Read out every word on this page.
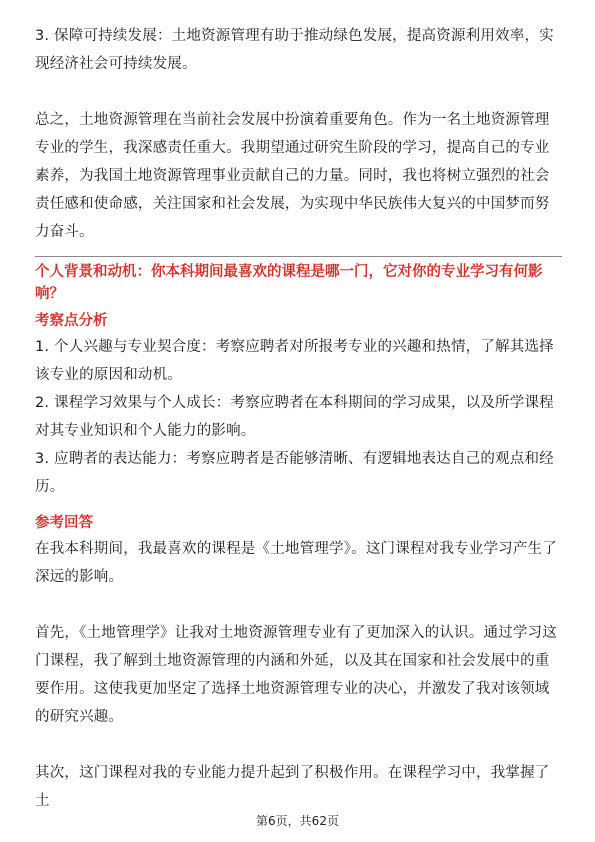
3. 保障可持续发展：土地资源管理有助于推动绿色发展，提高资源利用效率，实现经济社会可持续发展。

总之，土地资源管理在当前社会发展中扮演着重要角色。作为一名土地资源管理专业的学生，我深感责任重大。我期望通过研究生阶段的学习，提高自己的专业素养，为我国土地资源管理事业贡献自己的力量。同时，我也将树立强烈的社会责任感和使命感，关注国家和社会发展，为实现中华民族伟大复兴的中国梦而努力奋斗。

个人背景和动机：你本科期间最喜欢的课程是哪一门，它对你的专业学习有何影响？

考察点分析

1. 个人兴趣与专业契合度：考察应聘者对所报考专业的兴趣和热情，了解其选择该专业的原因和动机。

2. 课程学习效果与个人成长：考察应聘者在本科期间的学习成果，以及所学课程对其专业知识和个人能力的影响。

3. 应聘者的表达能力：考察应聘者是否能够清晰、有逻辑地表达自己的观点和经历。

参考回答

在我本科期间，我最喜欢的课程是《土地管理学》。这门课程对我专业学习产生了深远的影响。

首先，《土地管理学》让我对土地资源管理专业有了更加深入的认识。通过学习这门课程，我了解到土地资源管理的内涵和外延，以及其在国家和社会发展中的重要作用。这使我更加坚定了选择土地资源管理专业的决心，并激发了我对该领域的研究兴趣。

其次，这门课程对我的专业能力提升起到了积极作用。在课程学习中，我掌握了土

第6页，共62页
